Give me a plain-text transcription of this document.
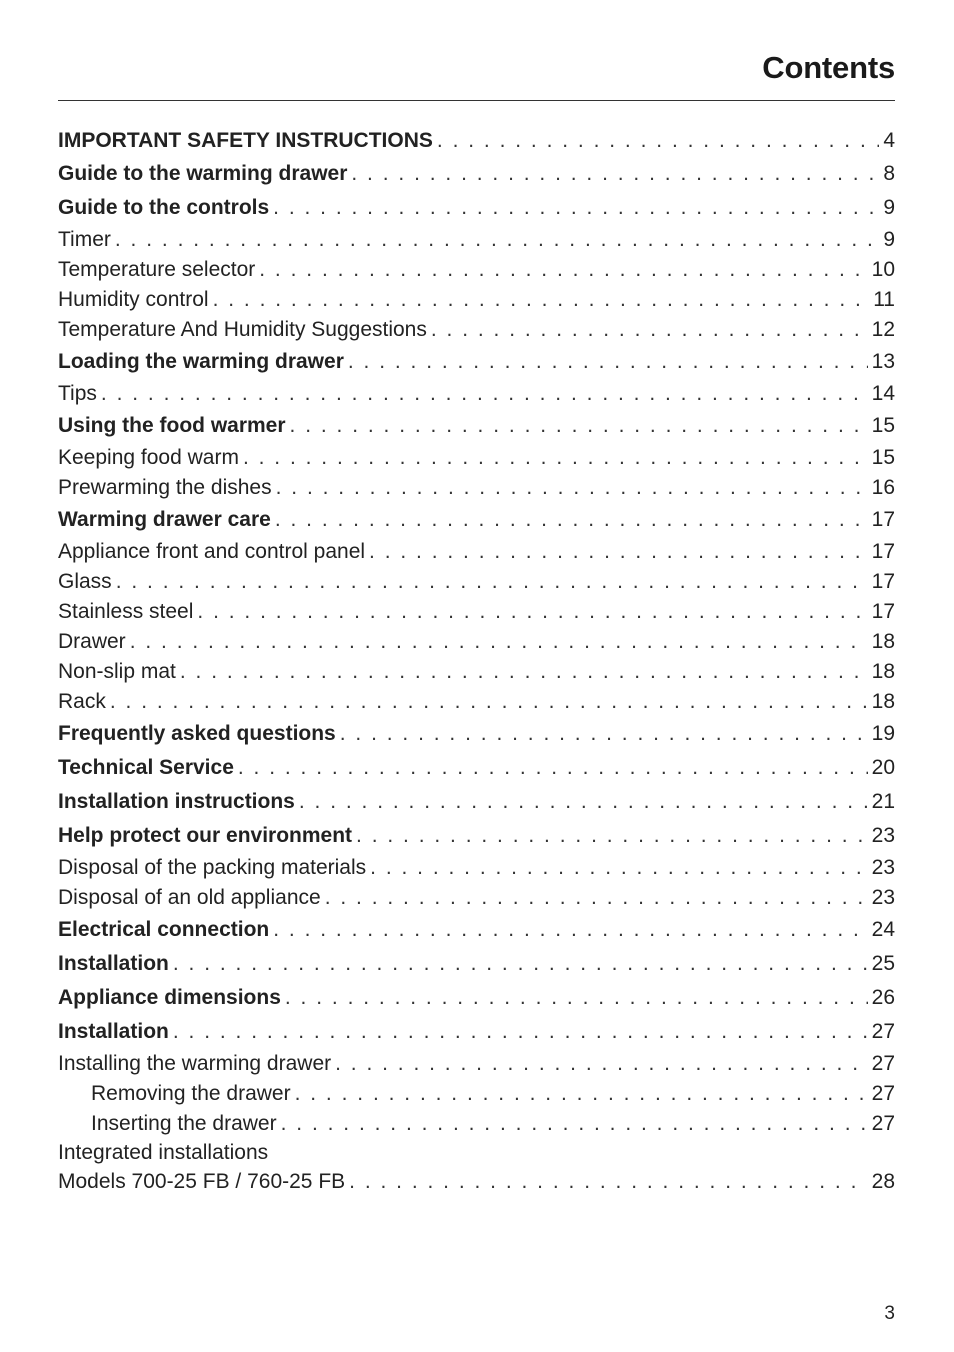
Contents
IMPORTANT SAFETY INSTRUCTIONS . . .	4
Guide to the warming drawer . . .	8
Guide to the controls . . .	9
Timer . . .	9
Temperature selector . . .	10
Humidity control . . .	11
Temperature And Humidity Suggestions . . .	12
Loading the warming drawer . . .	13
Tips . . .	14
Using the food warmer . . .	15
Keeping food warm . . .	15
Prewarming the dishes . . .	16
Warming drawer care . . .	17
Appliance front and control panel . . .	17
Glass . . .	17
Stainless steel . . .	17
Drawer . . .	18
Non-slip mat . . .	18
Rack . . .	18
Frequently asked questions . . .	19
Technical Service . . .	20
Installation instructions . . .	21
Help protect our environment . . .	23
Disposal of the packing materials . . .	23
Disposal of an old appliance . . .	23
Electrical connection . . .	24
Installation . . .	25
Appliance dimensions . . .	26
Installation . . .	27
Installing the warming drawer . . .	27
Removing the drawer . . .	27
Inserting the drawer . . .	27
Integrated installations
Models 700-25 FB / 760-25 FB . . .	28
3
